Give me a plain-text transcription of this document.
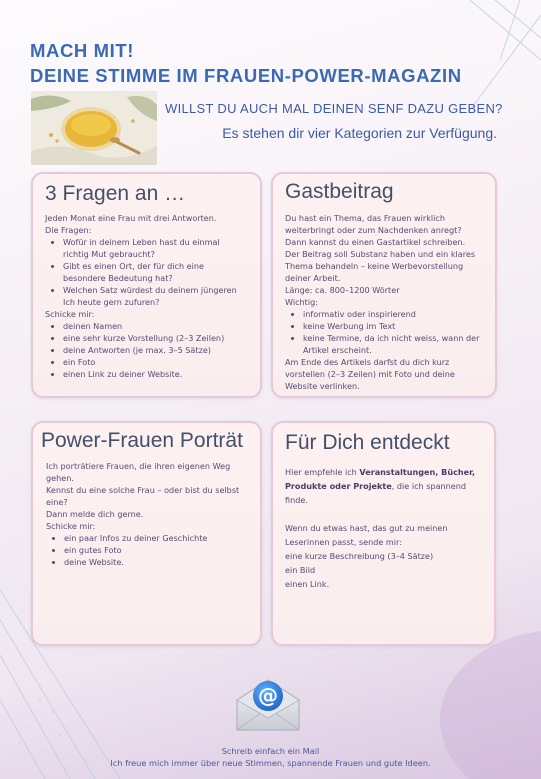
MACH MIT!
DEINE STIMME IM FRAUEN-POWER-MAGAZIN
WILLST DU AUCH MAL DEINEN SENF DAZU GEBEN?
Es stehen dir vier Kategorien zur Verfügung.
3 Fragen an …

Jeden Monat eine Frau mit drei Antworten.

Die Fragen:

• Wofür in deinem Leben hast du einmal richtig Mut gebraucht?
• Gibt es einen Ort, der für dich eine besondere Bedeutung hat?
• Welchen Satz würdest du deinem jüngeren Ich heute gern zufuren?

Schicke mir:

• deinen Namen
• eine sehr kurze Vorstellung (2–3 Zeilen)
• deine Antworten (je max. 3–5 Sätze)
• ein Foto
• einen Link zu deiner Website.
Gastbeitrag

Du hast ein Thema, das Frauen wirklich weiterbringt oder zum Nachdenken anregt? Dann kannst du einen Gastartikel schreiben.

Der Beitrag soll Substanz haben und ein klares Thema behandeln – keine Werbevorstellung deiner Arbeit.

Länge: ca. 800–1200 Wörter

Wichtig:

• informativ oder inspirierend
• keine Werbung im Text
• keine Termine, da ich nicht weiss, wann der Artikel erscheint.

Am Ende des Artikels darfst du dich kurz vorstellen (2–3 Zeilen) mit Foto und deine Website verlinken.

Power-Frauen Porträt

Ich porträtiere Frauen, die ihren eigenen Weg gehen.

Kennst du eine solche Frau – oder bist du selbst eine?

Dann melde dich gerne.

Schicke mir:

• ein paar Infos zu deiner Geschichte
• ein gutes Foto
• deine Website.
Für Dich entdeckt

Hier empfehle ich Veranstaltungen, Bücher, Produkte oder Projekte, die ich spannend finde.

Wenn du etwas hast, das gut zu meinen Leserinnen passt, sende mir:

eine kurze Beschreibung (3–4 Sätze)

ein Bild

einen Link.

@
Schreib einfach ein Mail
Ich freue mich immer über neue Stimmen, spannende Frauen und gute Ideen.
